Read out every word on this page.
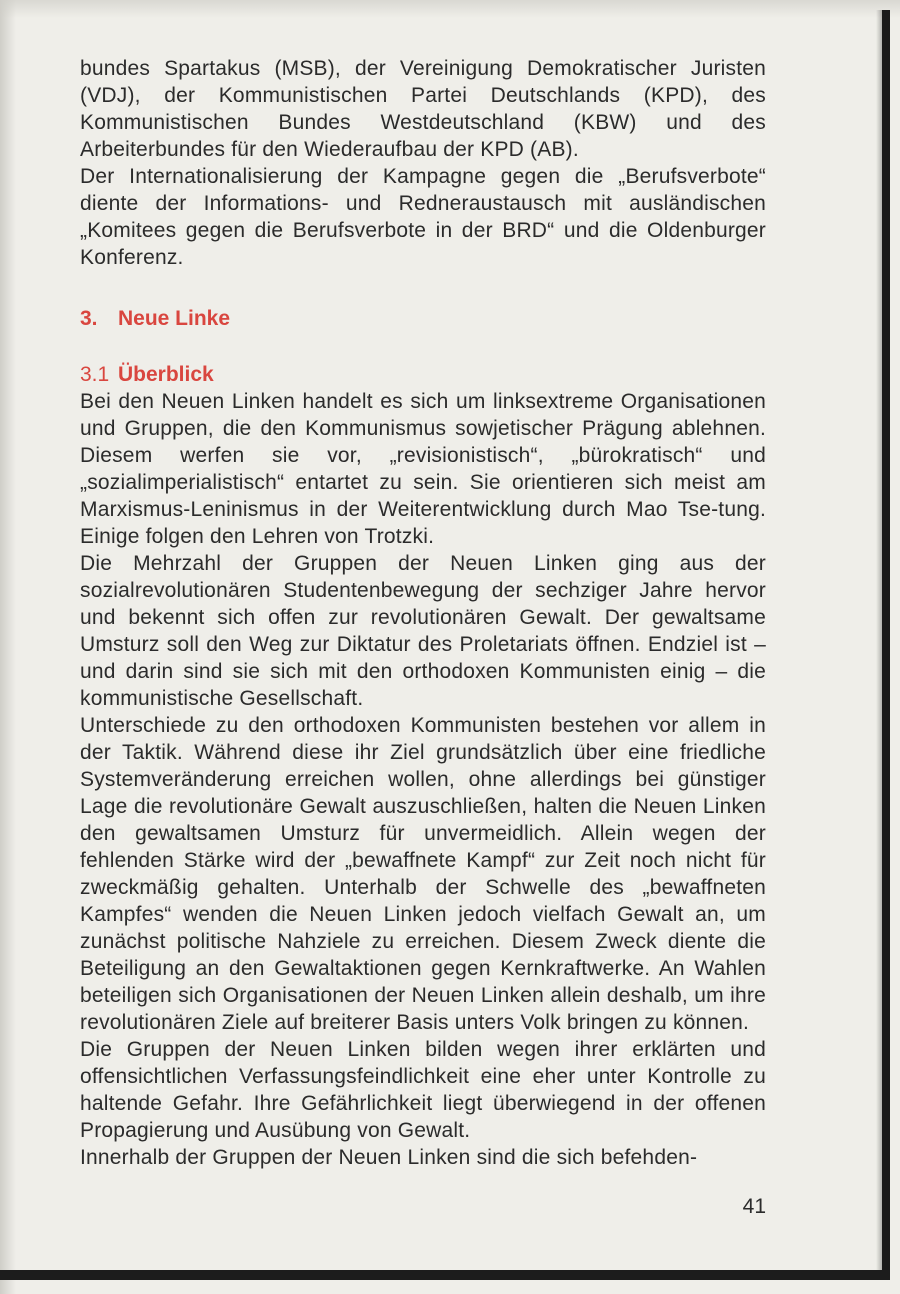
bundes Spartakus (MSB), der Vereinigung Demokratischer Juristen (VDJ), der Kommunistischen Partei Deutschlands (KPD), des Kommunistischen Bundes Westdeutschland (KBW) und des Arbeiterbundes für den Wiederaufbau der KPD (AB).

Der Internationalisierung der Kampagne gegen die „Berufsverbote“ diente der Informations- und Redneraustausch mit ausländischen „Komitees gegen die Berufsverbote in der BRD“ und die Oldenburger Konferenz.

3. Neue Linke
3.1 Überblick

Bei den Neuen Linken handelt es sich um linksextreme Organisationen und Gruppen, die den Kommunismus sowjetischer Prägung ablehnen. Diesem werfen sie vor, „revisionistisch“, „bürokratisch“ und „sozialimperialistisch“ entartet zu sein. Sie orientieren sich meist am Marxismus-Leninismus in der Weiterentwicklung durch Mao Tse-tung. Einige folgen den Lehren von Trotzki.

Die Mehrzahl der Gruppen der Neuen Linken ging aus der sozialrevolutionären Studentenbewegung der sechziger Jahre hervor und bekennt sich offen zur revolutionären Gewalt. Der gewaltsame Umsturz soll den Weg zur Diktatur des Proletariats öffnen. Endziel ist – und darin sind sie sich mit den orthodoxen Kommunisten einig – die kommunistische Gesellschaft.

Unterschiede zu den orthodoxen Kommunisten bestehen vor allem in der Taktik. Während diese ihr Ziel grundsätzlich über eine friedliche Systemveränderung erreichen wollen, ohne allerdings bei günstiger Lage die revolutionäre Gewalt auszuschließen, halten die Neuen Linken den gewaltsamen Umsturz für unvermeidlich. Allein wegen der fehlenden Stärke wird der „bewaffnete Kampf“ zur Zeit noch nicht für zweckmäßig gehalten. Unterhalb der Schwelle des „bewaffneten Kampfes“ wenden die Neuen Linken jedoch vielfach Gewalt an, um zunächst politische Nahziele zu erreichen. Diesem Zweck diente die Beteiligung an den Gewaltaktionen gegen Kernkraftwerke. An Wahlen beteiligen sich Organisationen der Neuen Linken allein deshalb, um ihre revolutionären Ziele auf breiterer Basis unters Volk bringen zu können.

Die Gruppen der Neuen Linken bilden wegen ihrer erklärten und offensichtlichen Verfassungsfeindlichkeit eine eher unter Kontrolle zu haltende Gefahr. Ihre Gefährlichkeit liegt überwiegend in der offenen Propagierung und Ausübung von Gewalt.

Innerhalb der Gruppen der Neuen Linken sind die sich befehden-

41
